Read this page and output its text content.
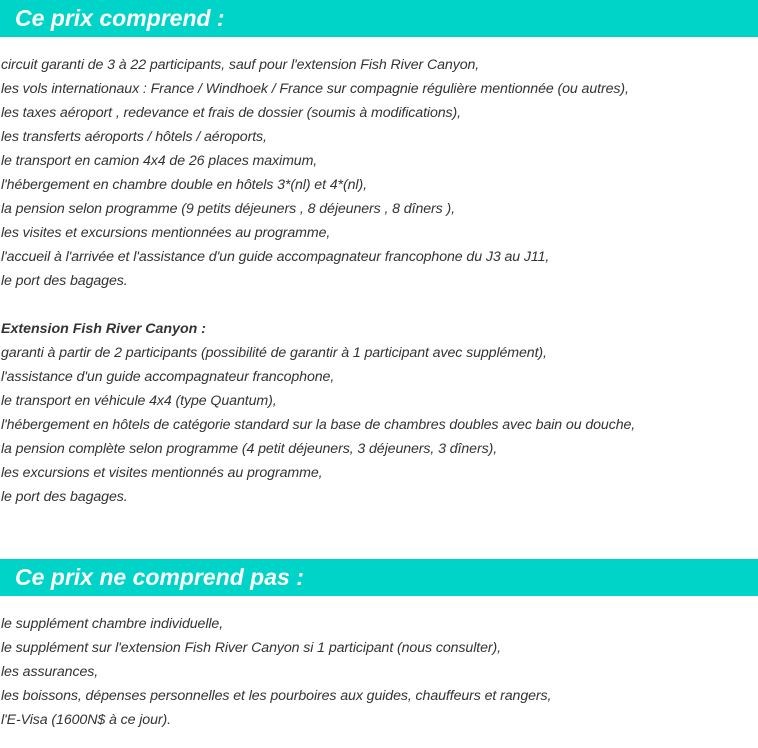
Ce prix comprend :
circuit garanti de 3 à 22 participants, sauf pour l'extension Fish River Canyon,
les vols internationaux : France / Windhoek / France sur compagnie régulière mentionnée (ou autres),
les taxes aéroport , redevance et frais de dossier (soumis à modifications),
les transferts aéroports / hôtels / aéroports,
le transport en camion 4x4 de 26 places maximum,
l'hébergement en chambre double en hôtels 3*(nl) et 4*(nl),
la pension selon programme (9 petits déjeuners , 8 déjeuners , 8 dîners ),
les visites et excursions mentionnées au programme,
l'accueil à l'arrivée et l'assistance d'un guide accompagnateur francophone du J3 au J11,
le port des bagages.
Extension Fish River Canyon :
garanti à partir de 2 participants (possibilité de garantir à 1 participant avec supplément),
l'assistance d'un guide accompagnateur francophone,
le transport en véhicule 4x4 (type Quantum),
l'hébergement en hôtels de catégorie standard sur la base de chambres doubles avec bain ou douche,
la pension complète selon programme (4 petit déjeuners, 3 déjeuners, 3 dîners),
les excursions et visites mentionnés au programme,
le port des bagages.
Ce prix ne comprend pas :
le supplément chambre individuelle,
le supplément sur l'extension Fish River Canyon si 1 participant (nous consulter),
les assurances,
les boissons, dépenses personnelles et les pourboires aux guides, chauffeurs et rangers,
l'E-Visa (1600N$ à ce jour).
